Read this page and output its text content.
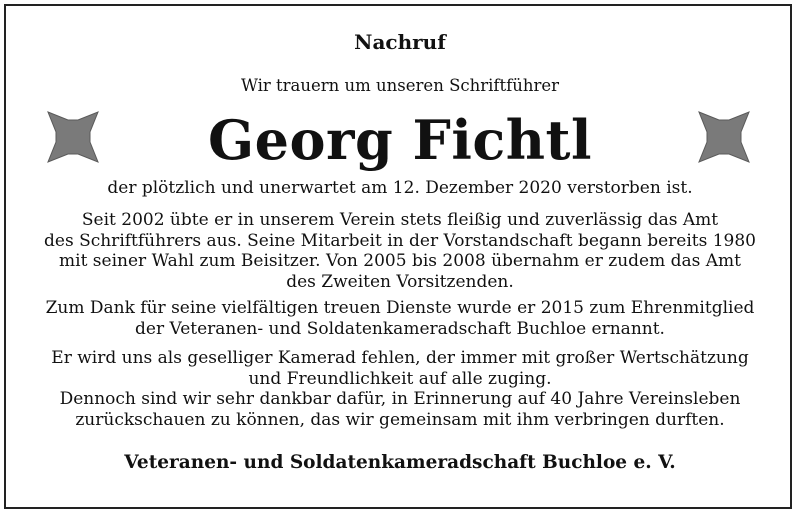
Nachruf
Wir trauern um unseren Schriftführer
Georg Fichtl
der plötzlich und unerwartet am 12. Dezember 2020 verstorben ist.
Seit 2002 übte er in unserem Verein stets fleißig und zuverlässig das Amt
des Schriftführers aus. Seine Mitarbeit in der Vorstandschaft begann bereits 1980
mit seiner Wahl zum Beisitzer. Von 2005 bis 2008 übernahm er zudem das Amt
des Zweiten Vorsitzenden.
Zum Dank für seine vielfältigen treuen Dienste wurde er 2015 zum Ehrenmitglied
der Veteranen- und Soldatenkameradschaft Buchloe ernannt.
Er wird uns als geselliger Kamerad fehlen, der immer mit großer Wertschätzung
und Freundlichkeit auf alle zuging.
Dennoch sind wir sehr dankbar dafür, in Erinnerung auf 40 Jahre Vereinsleben
zurückschauen zu können, das wir gemeinsam mit ihm verbringen durften.
Veteranen- und Soldatenkameradschaft Buchloe e. V.
